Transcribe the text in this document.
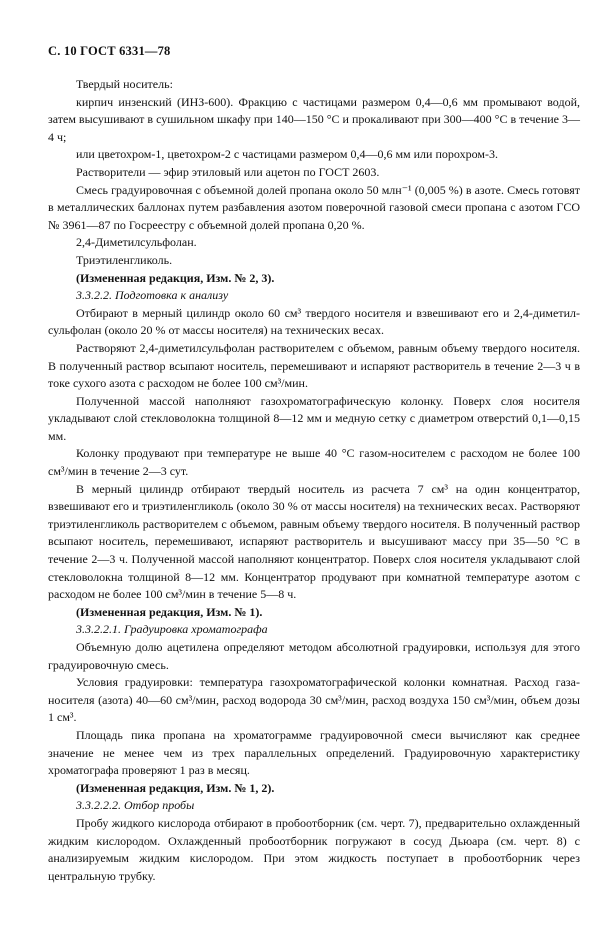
С. 10 ГОСТ 6331—78

Твердый носитель:

кирпич инзенский (ИНЗ-600). Фракцию с частицами размером 0,4—0,6 мм промывают водой, затем высушивают в сушильном шкафу при 140—150 °С и прокаливают при 300—400 °С в течение 3—4 ч;

или цветохром-1, цветохром-2 с частицами размером 0,4—0,6 мм или порохром-3.

Растворители — эфир этиловый или ацетон по ГОСТ 2603.

Смесь градуировочная с объемной долей пропана около 50 млн⁻¹ (0,005 %) в азоте. Смесь готовят в металлических баллонах путем разбавления азотом поверочной газовой смеси пропана с азотом ГСО № 3961—87 по Госреестру с объемной долей пропана 0,20 %.

2,4-Диметилсульфолан.

Триэтиленгликоль.

(Измененная редакция, Изм. № 2, 3).

3.3.2.2. Подготовка к анализу

Отбирают в мерный цилиндр около 60 см³ твердого носителя и взвешивают его и 2,4-диметил-сульфолан (около 20 % от массы носителя) на технических весах.

Растворяют 2,4-диметилсульфолан растворителем с объемом, равным объему твердого носителя. В полученный раствор всыпают носитель, перемешивают и испаряют растворитель в течение 2—3 ч в токе сухого азота с расходом не более 100 см³/мин.

Полученной массой наполняют газохроматографическую колонку. Поверх слоя носителя укладывают слой стекловолокна толщиной 8—12 мм и медную сетку с диаметром отверстий 0,1—0,15 мм.

Колонку продувают при температуре не выше 40 °С газом-носителем с расходом не более 100 см³/мин в течение 2—3 сут.

В мерный цилиндр отбирают твердый носитель из расчета 7 см³ на один концентратор, взвешивают его и триэтиленгликоль (около 30 % от массы носителя) на технических весах. Растворяют триэтиленгликоль растворителем с объемом, равным объему твердого носителя. В полученный раствор всыпают носитель, перемешивают, испаряют растворитель и высушивают массу при 35—50 °С в течение 2—3 ч. Полученной массой наполняют концентратор. Поверх слоя носителя укладывают слой стекловолокна толщиной 8—12 мм. Концентратор продувают при комнатной температуре азотом с расходом не более 100 см³/мин в течение 5—8 ч.

(Измененная редакция, Изм. № 1).

3.3.2.2.1. Градуировка хроматографа

Объемную долю ацетилена определяют методом абсолютной градуировки, используя для этого градуировочную смесь.

Условия градуировки: температура газохроматографической колонки комнатная. Расход газа-носителя (азота) 40—60 см³/мин, расход водорода 30 см³/мин, расход воздуха 150 см³/мин, объем дозы 1 см³.

Площадь пика пропана на хроматограмме градуировочной смеси вычисляют как среднее значение не менее чем из трех параллельных определений. Градуировочную характеристику хроматографа проверяют 1 раз в месяц.

(Измененная редакция, Изм. № 1, 2).

3.3.2.2.2. Отбор пробы

Пробу жидкого кислорода отбирают в пробоотборник (см. черт. 7), предварительно охлажденный жидким кислородом. Охлажденный пробоотборник погружают в сосуд Дьюара (см. черт. 8) с анализируемым жидким кислородом. При этом жидкость поступает в пробоотборник через центральную трубку.
